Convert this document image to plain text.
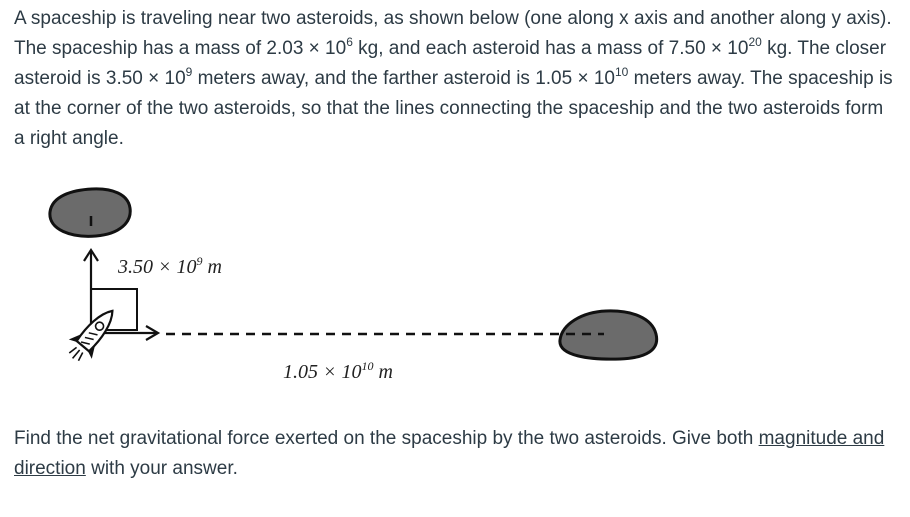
A spaceship is traveling near two asteroids, as shown below (one along x axis and another along y axis). The spaceship has a mass of $2.03 \times 10^6$ kg, and each asteroid has a mass of $7.50 \times 10^{20}$ kg. The closer asteroid is $3.50 \times 10^9$ meters away, and the farther asteroid is $1.05 \times 10^{10}$ meters away. The spaceship is at the corner of the two asteroids, so that the lines connecting the spaceship and the two asteroids form a right angle.
$3.50 \times 10^9$ m
$1.05 \times 10^{10}$ m
Find the net gravitational force exerted on the spaceship by the two asteroids. Give both magnitude and direction with your answer.
